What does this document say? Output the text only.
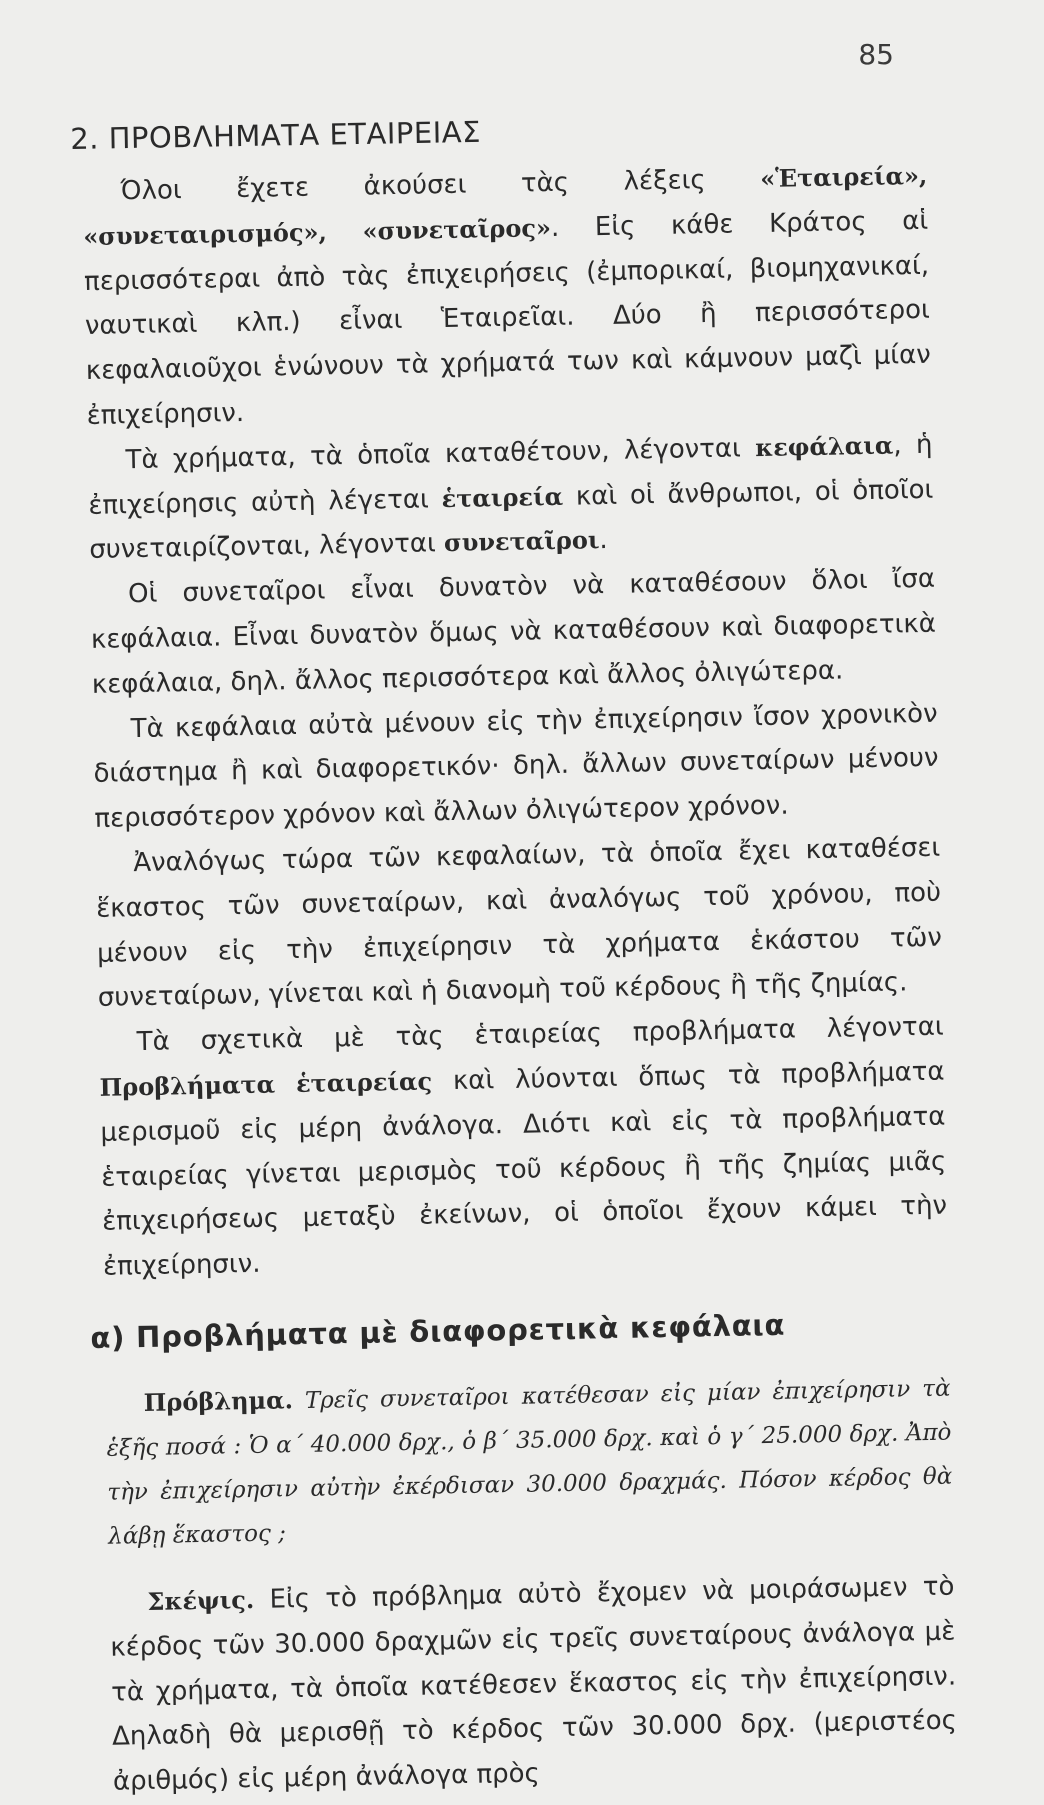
85
2. ΠΡΟΒΛΗΜΑΤΑ ΕΤΑΙΡΕΙΑΣ

Όλοι ἔχετε ἀκούσει τὰς λέξεις «Ἑταιρεία», «συνεταιρισμός», «συνεταῖρος». Εἰς κάθε Κράτος αἱ περισσότεραι ἀπὸ τὰς ἐπιχειρήσεις (ἐμπορικαί, βιομηχανικαί, ναυτικαὶ κλπ.) εἶναι Ἑταιρεῖαι. Δύο ἢ περισσότεροι κεφαλαιοῦχοι ἑνώνουν τὰ χρήματά των καὶ κάμνουν μαζὶ μίαν ἐπιχείρησιν.

Τὰ χρήματα, τὰ ὁποῖα καταθέτουν, λέγονται κεφάλαια, ἡ ἐπιχείρησις αὐτὴ λέγεται ἑταιρεία καὶ οἱ ἄνθρωποι, οἱ ὁποῖοι συνεταιρίζονται, λέγονται συνεταῖροι.

Οἱ συνεταῖροι εἶναι δυνατὸν νὰ καταθέσουν ὅλοι ἴσα κεφάλαια. Εἶναι δυνατὸν ὅμως νὰ καταθέσουν καὶ διαφορετικὰ κεφάλαια, δηλ. ἄλλος περισσότερα καὶ ἄλλος ὀλιγώτερα.

Τὰ κεφάλαια αὐτὰ μένουν εἰς τὴν ἐπιχείρησιν ἴσον χρονικὸν διάστημα ἢ καὶ διαφορετικόν· δηλ. ἄλλων συνεταίρων μένουν περισσότερον χρόνον καὶ ἄλλων ὀλιγώτερον χρόνον.

Ἀναλόγως τώρα τῶν κεφαλαίων, τὰ ὁποῖα ἔχει καταθέσει ἕκαστος τῶν συνεταίρων, καὶ ἀναλόγως τοῦ χρόνου, ποὺ μένουν εἰς τὴν ἐπιχείρησιν τὰ χρήματα ἑκάστου τῶν συνεταίρων, γίνεται καὶ ἡ διανομὴ τοῦ κέρδους ἢ τῆς ζημίας.

Τὰ σχετικὰ μὲ τὰς ἑταιρείας προβλήματα λέγονται Προβλήματα ἑταιρείας καὶ λύονται ὅπως τὰ προβλήματα μερισμοῦ εἰς μέρη ἀνάλογα. Διότι καὶ εἰς τὰ προβλήματα ἑταιρείας γίνεται μερισμὸς τοῦ κέρδους ἢ τῆς ζημίας μιᾶς ἐπιχειρήσεως μεταξὺ ἐκείνων, οἱ ὁποῖοι ἔχουν κάμει τὴν ἐπιχείρησιν.

α) Προβλήματα μὲ διαφορετικὰ κεφάλαια

Πρόβλημα. Τρεῖς συνεταῖροι κατέθεσαν εἰς μίαν ἐπιχείρησιν τὰ ἑξῆς ποσά : Ὁ α΄ 40.000 δρχ., ὁ β΄ 35.000 δρχ. καὶ ὁ γ΄ 25.000 δρχ. Ἀπὸ τὴν ἐπιχείρησιν αὐτὴν ἐκέρδισαν 30.000 δραχμάς. Πόσον κέρδος θὰ λάβῃ ἕκαστος ;

Σκέψις. Εἰς τὸ πρόβλημα αὐτὸ ἔχομεν νὰ μοιράσωμεν τὸ κέρδος τῶν 30.000 δραχμῶν εἰς τρεῖς συνεταίρους ἀνάλογα μὲ τὰ χρήματα, τὰ ὁποῖα κατέθεσεν ἕκαστος εἰς τὴν ἐπιχείρησιν. Δηλαδὴ θὰ μερισθῇ τὸ κέρδος τῶν 30.000 δρχ. (μεριστέος ἀριθμός) εἰς μέρη ἀνάλογα πρὸς
